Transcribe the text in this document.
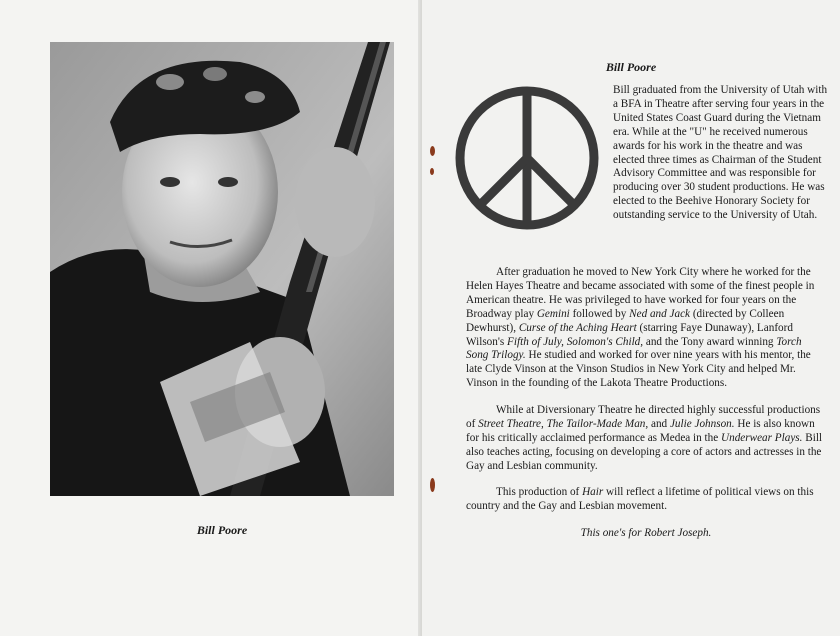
Bill Poore
Bill Poore

Bill graduated from the University of Utah with a BFA in Theatre after serving four years in the United States Coast Guard during the Vietnam era. While at the "U" he received numerous awards for his work in the theatre and was elected three times as Chairman of the Student Advisory Committee and was responsible for producing over 30 student productions. He was elected to the Beehive Honorary Society for outstanding service to the University of Utah.

After graduation he moved to New York City where he worked for the Helen Hayes Theatre and became associated with some of the finest people in American theatre. He was privileged to have worked for four years on the Broadway play Gemini followed by Ned and Jack (directed by Colleen Dewhurst), Curse of the Aching Heart (starring Faye Dunaway), Lanford Wilson's Fifth of July, Solomon's Child, and the Tony award winning Torch Song Trilogy. He studied and worked for over nine years with his mentor, the late Clyde Vinson at the Vinson Studios in New York City and helped Mr. Vinson in the founding of the Lakota Theatre Productions.

While at Diversionary Theatre he directed highly successful productions of Street Theatre, The Tailor-Made Man, and Julie Johnson. He is also known for his critically acclaimed performance as Medea in the Underwear Plays. Bill also teaches acting, focusing on developing a core of actors and actresses in the Gay and Lesbian community.

This production of Hair will reflect a lifetime of political views on this country and the Gay and Lesbian movement.

This one's for Robert Joseph.
